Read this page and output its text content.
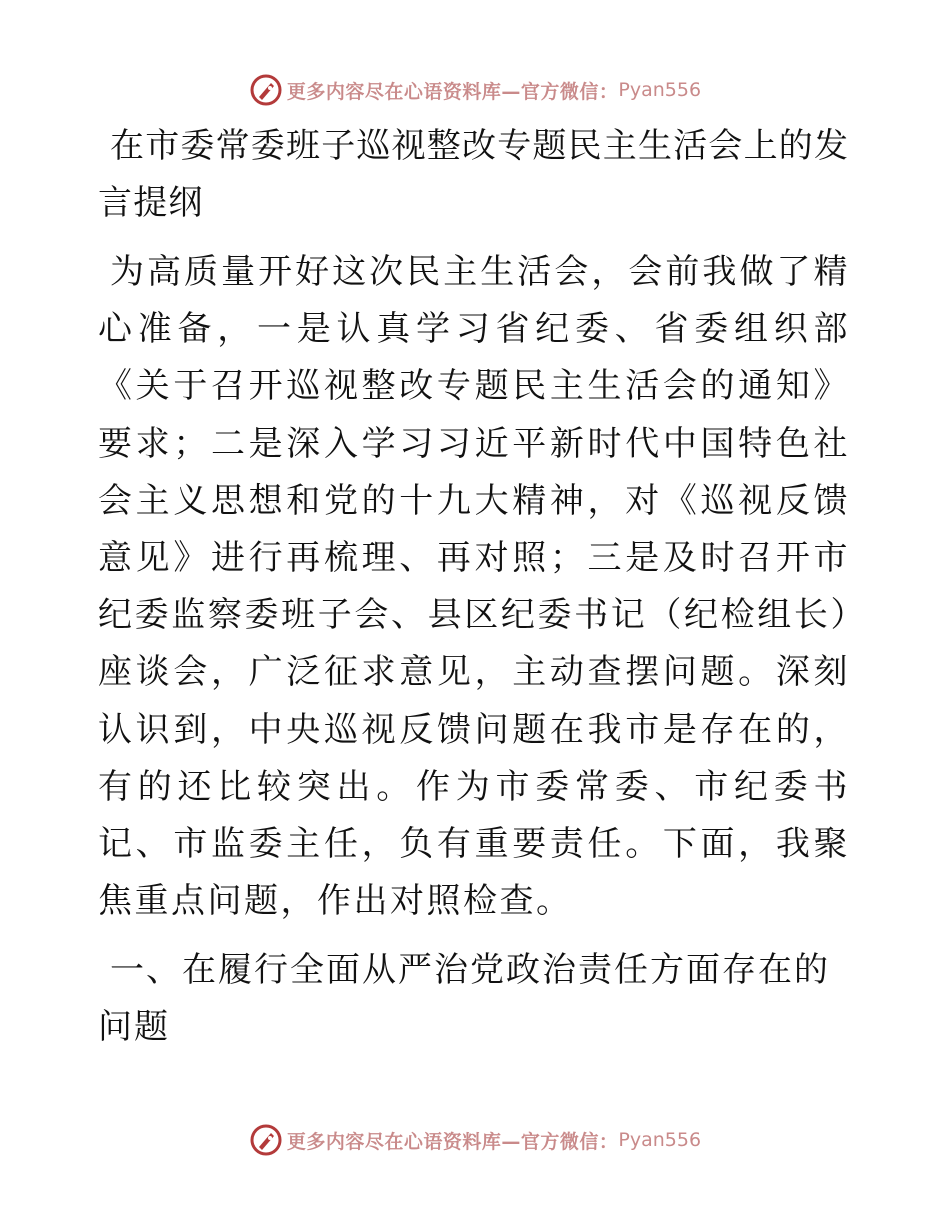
更多内容尽在心语资料库—官方微信： Pyan556
在市委常委班子巡视整改专题民主生活会上的发言提纲

为高质量开好这次民主生活会，会前我做了精心准备，一是认真学习省纪委、省委组织部《关于召开巡视整改专题民主生活会的通知》要求；二是深入学习习近平新时代中国特色社会主义思想和党的十九大精神，对《巡视反馈意见》进行再梳理、再对照；三是及时召开市纪委监察委班子会、县区纪委书记（纪检组长）座谈会，广泛征求意见，主动查摆问题。深刻认识到，中央巡视反馈问题在我市是存在的，有的还比较突出。作为市委常委、市纪委书记、市监委主任，负有重要责任。下面，我聚焦重点问题，作出对照检查。

一、在履行全面从严治党政治责任方面存在的问题
更多内容尽在心语资料库—官方微信： Pyan556
